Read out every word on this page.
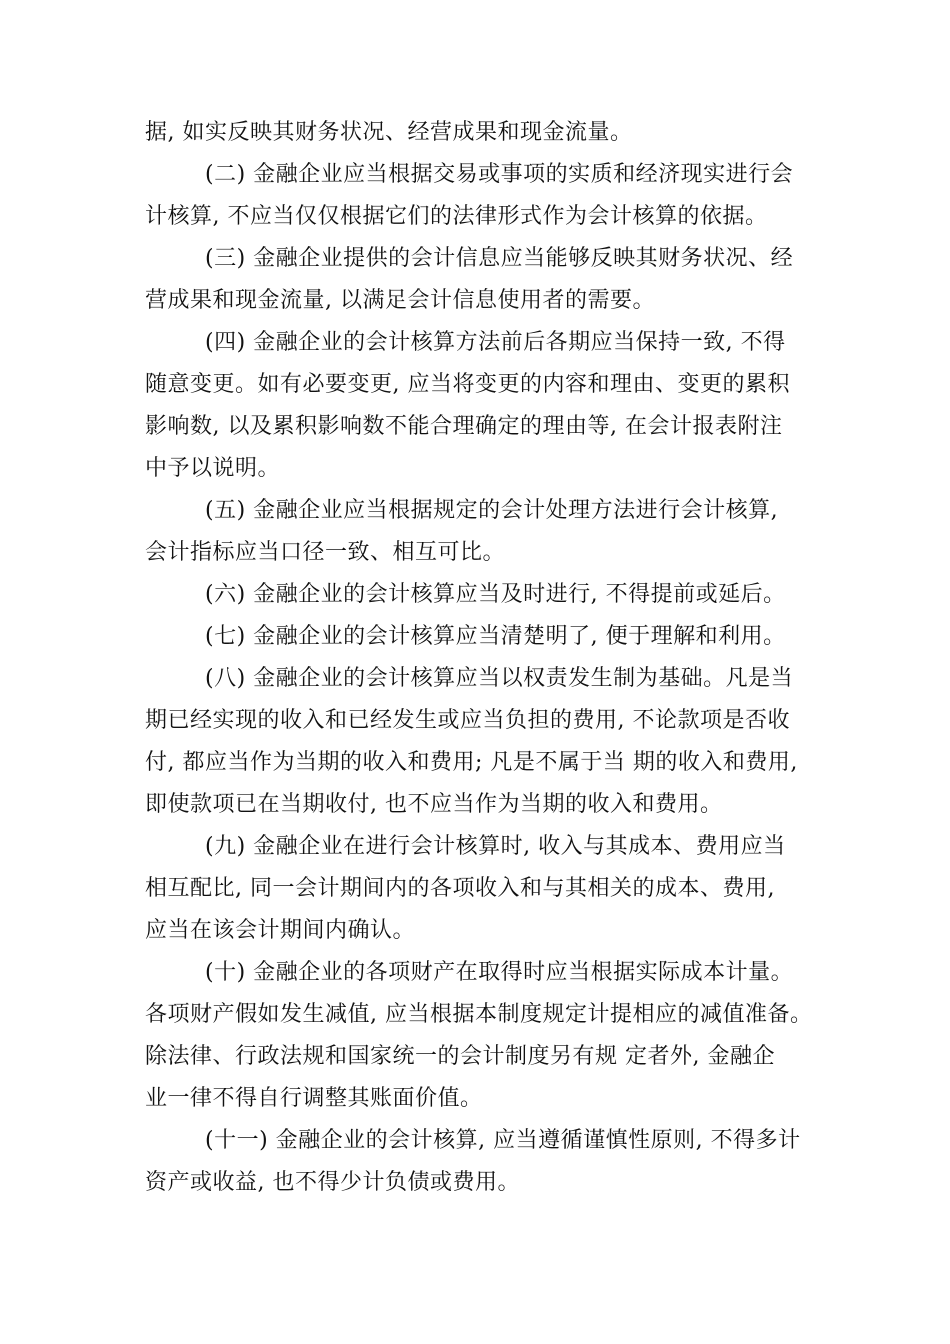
据, 如实反映其财务状况、经营成果和现金流量。
(二) 金融企业应当根据交易或事项的实质和经济现实进行会
计核算, 不应当仅仅根据它们的法律形式作为会计核算的依据。
(三) 金融企业提供的会计信息应当能够反映其财务状况、经
营成果和现金流量, 以满足会计信息使用者的需要。
(四) 金融企业的会计核算方法前后各期应当保持一致, 不得
随意变更。如有必要变更, 应当将变更的内容和理由、变更的累积
影响数, 以及累积影响数不能合理确定的理由等, 在会计报表附注
中予以说明。
(五) 金融企业应当根据规定的会计处理方法进行会计核算,
会计指标应当口径一致、相互可比。
(六) 金融企业的会计核算应当及时进行, 不得提前或延后。
(七) 金融企业的会计核算应当清楚明了, 便于理解和利用。
(八) 金融企业的会计核算应当以权责发生制为基础。凡是当
期已经实现的收入和已经发生或应当负担的费用, 不论款项是否收
付, 都应当作为当期的收入和费用; 凡是不属于当 期的收入和费用,
即使款项已在当期收付, 也不应当作为当期的收入和费用。
(九) 金融企业在进行会计核算时, 收入与其成本、费用应当
相互配比, 同一会计期间内的各项收入和与其相关的成本、费用,
应当在该会计期间内确认。
(十) 金融企业的各项财产在取得时应当根据实际成本计量。
各项财产假如发生减值, 应当根据本制度规定计提相应的减值准备。
除法律、行政法规和国家统一的会计制度另有规 定者外, 金融企
业一律不得自行调整其账面价值。
(十一) 金融企业的会计核算, 应当遵循谨慎性原则, 不得多计
资产或收益, 也不得少计负债或费用。
